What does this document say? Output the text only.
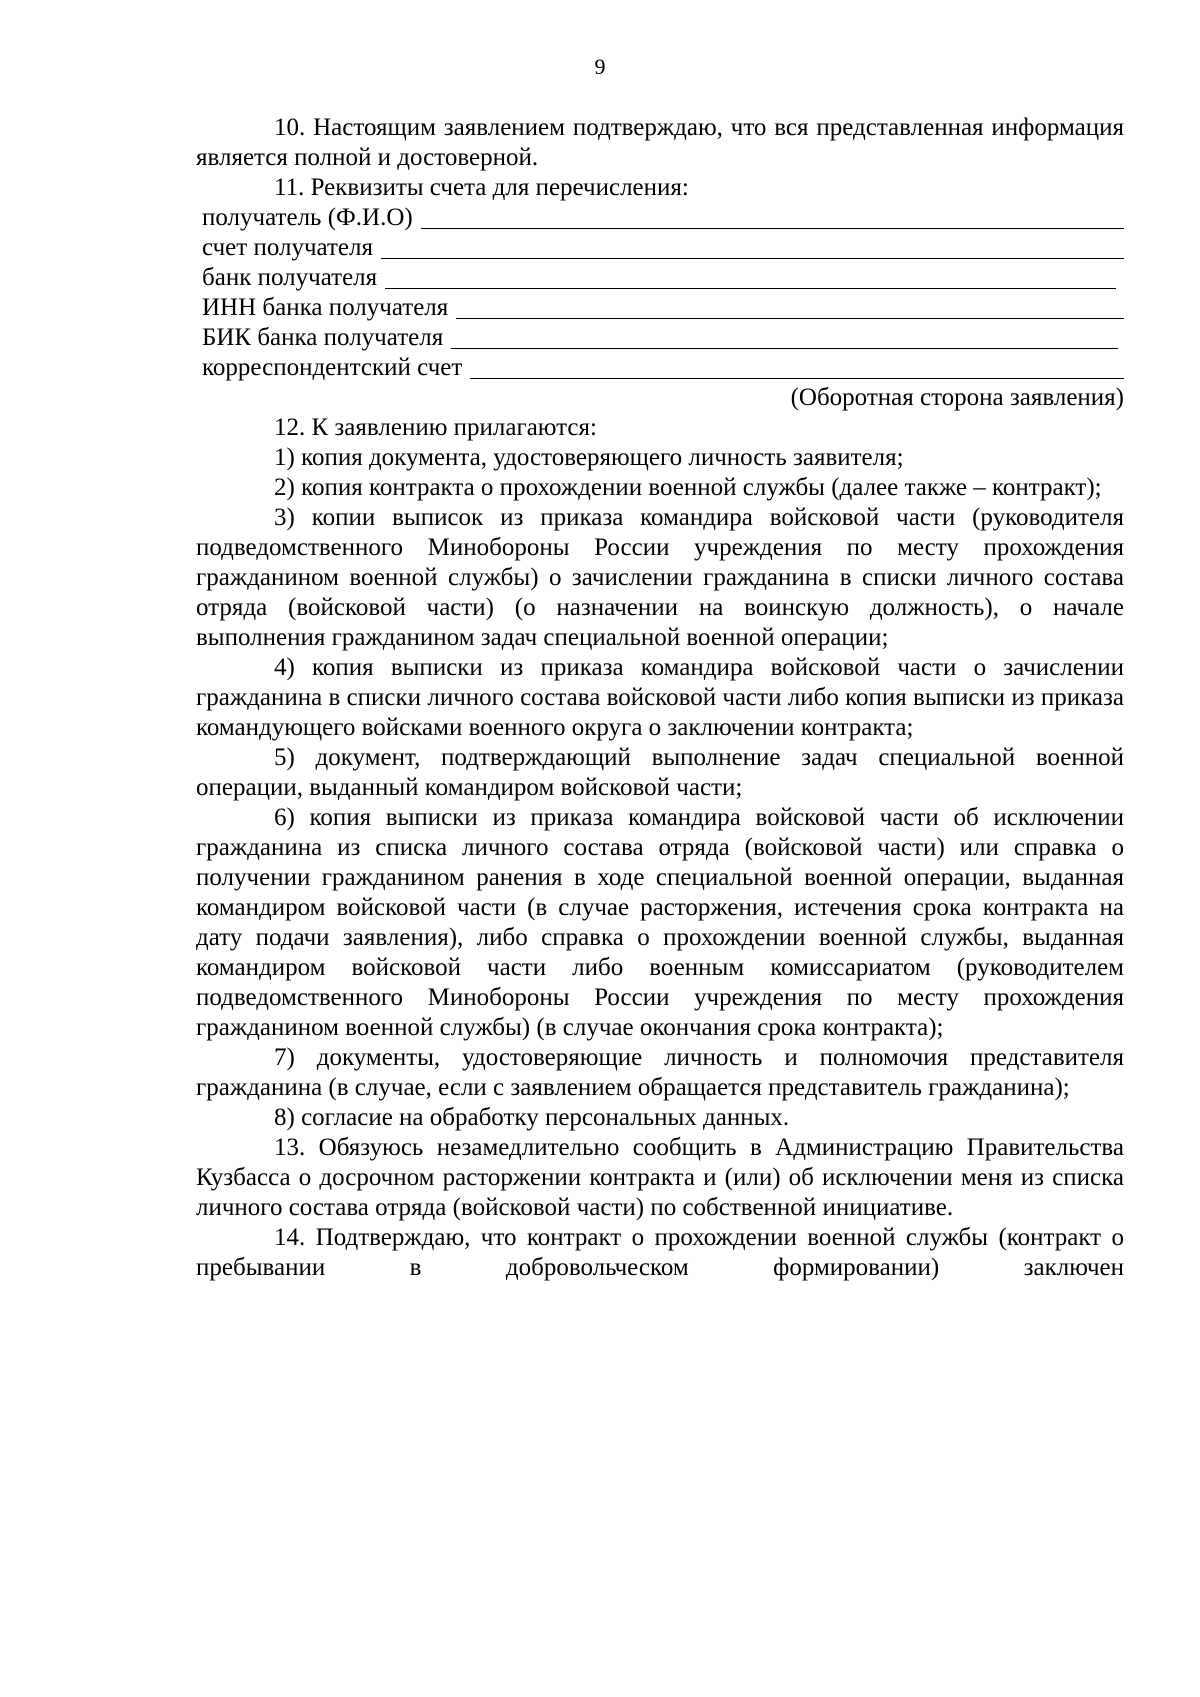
9

10. Настоящим заявлением подтверждаю, что вся представленная информация является полной и достоверной.

11. Реквизиты счета для перечисления:

получатель (Ф.И.О)
счет получателя
банк получателя
ИНН банка получателя
БИК банка получателя
корреспондентский счет

(Оборотная сторона заявления)

12. К заявлению прилагаются:

1) копия документа, удостоверяющего личность заявителя;

2) копия контракта о прохождении военной службы (далее также – контракт);

3) копии выписок из приказа командира войсковой части (руководителя подведомственного Минобороны России учреждения по месту прохождения гражданином военной службы) о зачислении гражданина в списки личного состава отряда (войсковой части) (о назначении на воинскую должность), о начале выполнения гражданином задач специальной военной операции;

4) копия выписки из приказа командира войсковой части о зачислении гражданина в списки личного состава войсковой части либо копия выписки из приказа командующего войсками военного округа о заключении контракта;

5) документ, подтверждающий выполнение задач специальной военной операции, выданный командиром войсковой части;

6) копия выписки из приказа командира войсковой части об исключении гражданина из списка личного состава отряда (войсковой части) или справка о получении гражданином ранения в ходе специальной военной операции, выданная командиром войсковой части (в случае расторжения, истечения срока контракта на дату подачи заявления), либо справка о прохождении военной службы, выданная командиром войсковой части либо военным комиссариатом (руководителем подведомственного Минобороны России учреждения по месту прохождения гражданином военной службы) (в случае окончания срока контракта);

7) документы, удостоверяющие личность и полномочия представителя гражданина (в случае, если с заявлением обращается представитель гражданина);

8) согласие на обработку персональных данных.

13. Обязуюсь незамедлительно сообщить в Администрацию Правительства Кузбасса о досрочном расторжении контракта и (или) об исключении меня из списка личного состава отряда (войсковой части) по собственной инициативе.

14. Подтверждаю, что контракт о прохождении военной службы (контракт о пребывании в добровольческом формировании) заключен
